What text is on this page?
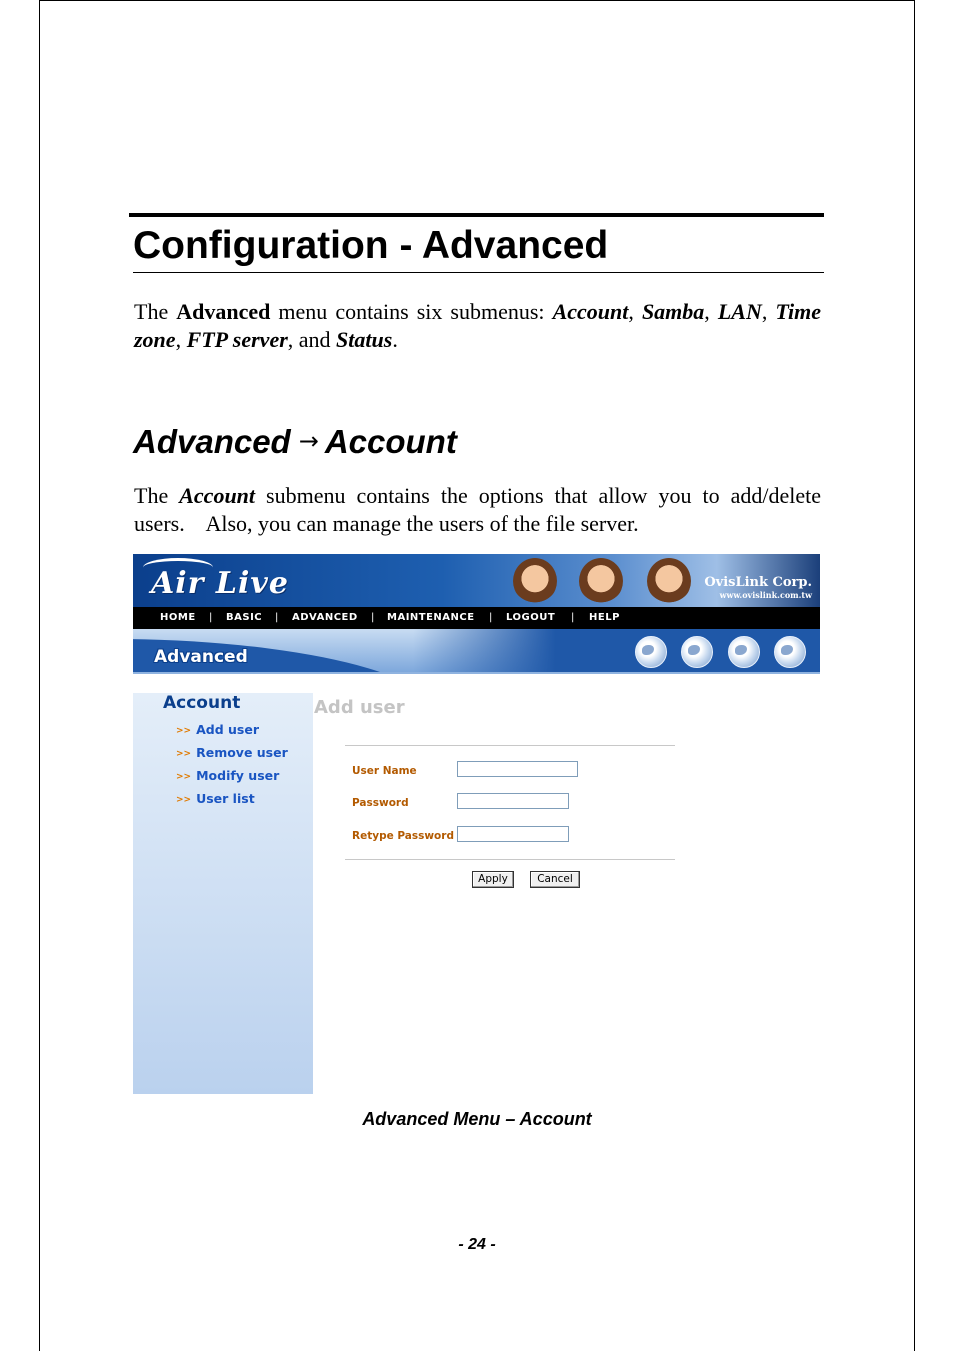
Configuration - Advanced

The Advanced menu contains six submenus: Account, Samba, LAN, Time zone, FTP server, and Status.

Advanced → Account

The Account submenu contains the options that allow you to add/delete users.    Also, you can manage the users of the file server.

Air Live	OvisLink Corp.
www.ovislink.com.tw
HOME | BASIC | ADVANCED | MAINTENANCE | LOGOUT | HELP
Advanced
Account
>> Add user
>> Remove user
>> Modify user
>> User list
Add user
User Name
Password
Retype Password
Apply	Cancel
Advanced Menu – Account
- 24 -
